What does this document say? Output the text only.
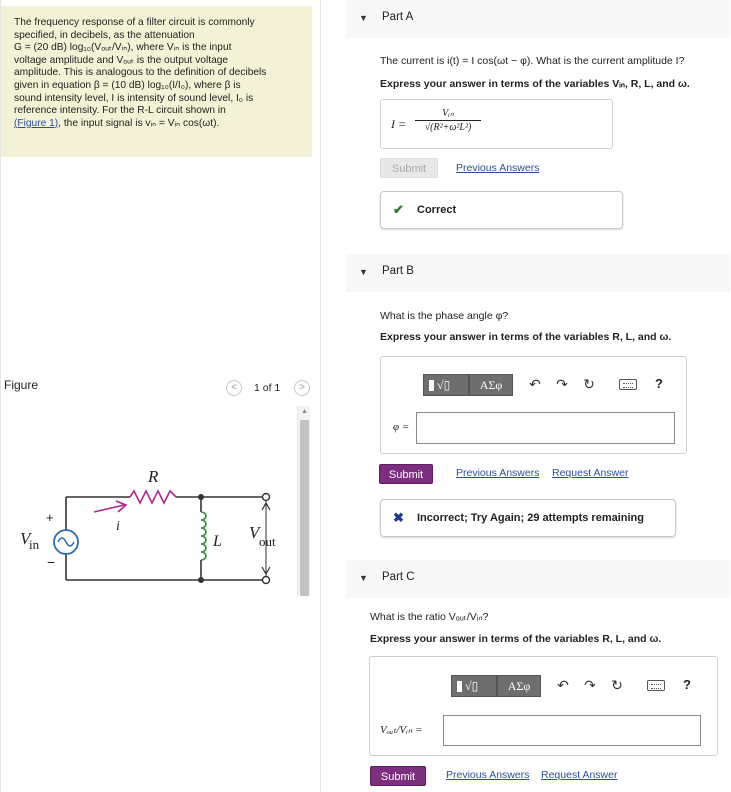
The frequency response of a filter circuit is commonly
specified, in decibels, as the attenuation
G = (20 dB) log₁₀(Vₒᵤₜ/Vᵢₙ), where Vᵢₙ is the input
voltage amplitude and Vₒᵤₜ is the output voltage
amplitude. This is analogous to the definition of decibels
given in equation β = (10 dB) log₁₀(I/I₀), where β is
sound intensity level, I is intensity of sound level, I₀ is
reference intensity. For the R-L circuit shown in
(Figure 1), the input signal is vᵢₙ = Vᵢₙ cos(ωt).
Figure	<	1 of 1	>
▲
R
i
L
V
in
+
−
V out
▼ Part A
The current is i(t) = I cos(ωt − φ). What is the current amplitude I?
Express your answer in terms of the variables Vᵢₙ, R, L, and ω.
I =
Vᵢₙ
√(R²+ω²L²)
Submit	Previous Answers
✔ Correct
▼ Part B
What is the phase angle φ?
Express your answer in terms of the variables R, L, and ω.
√▯	ΑΣφ	↶ ↷ ↻	?
φ =
Submit	Previous Answers Request Answer
✖ Incorrect; Try Again; 29 attempts remaining
▼ Part C
What is the ratio Vₒᵤₜ/Vᵢₙ?
Express your answer in terms of the variables R, L, and ω.
√▯	ΑΣφ	↶ ↷ ↻	?
Vₒᵤₜ/Vᵢₙ =
Submit	Previous Answers Request Answer
